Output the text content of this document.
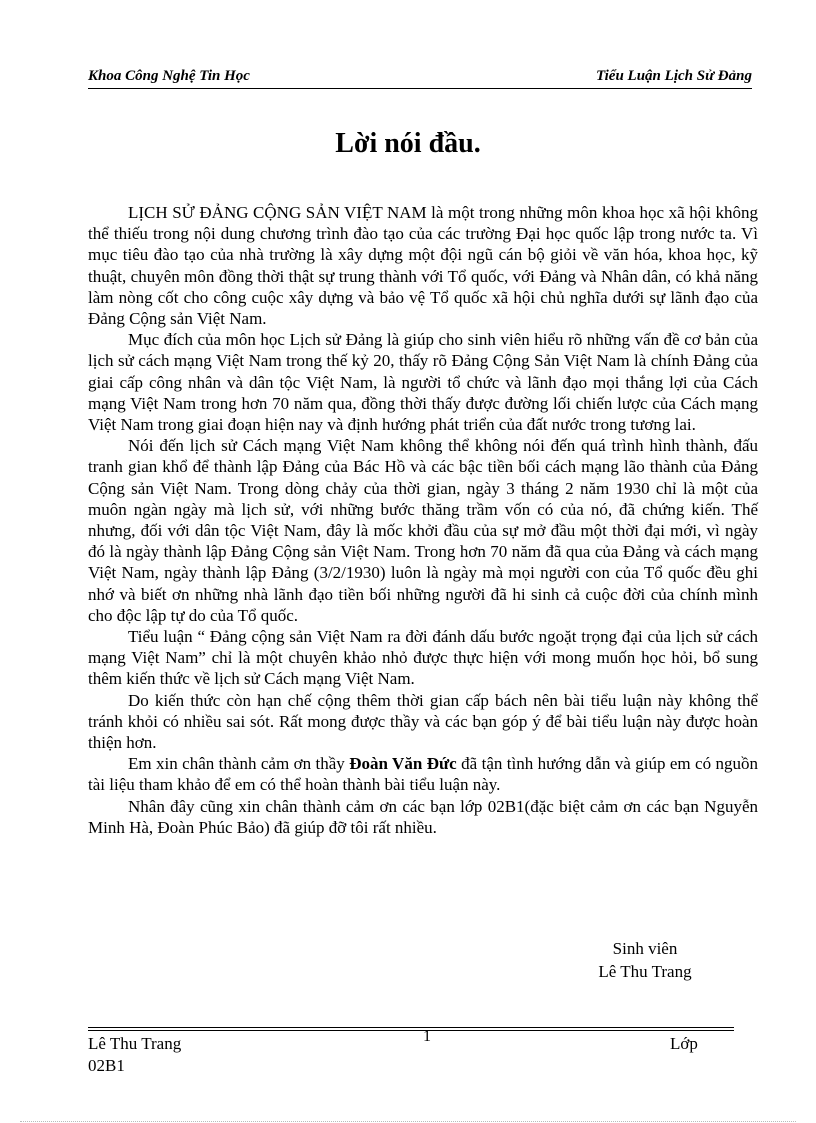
Khoa Công Nghệ Tin Học	Tiểu Luận Lịch Sử Đảng
Lời nói đầu.

LỊCH SỬ ĐẢNG CỘNG SẢN VIỆT NAM là một trong những môn khoa học xã hội không thể thiếu trong nội dung chương trình đào tạo của các trường Đại học quốc lập trong nước ta. Vì mục tiêu đào tạo của nhà trường là xây dựng một đội ngũ cán bộ giỏi về văn hóa, khoa học, kỹ thuật, chuyên môn đồng thời thật sự trung thành với Tổ quốc, với Đảng và Nhân dân, có khả năng làm nòng cốt cho công cuộc xây dựng và bảo vệ Tổ quốc xã hội chủ nghĩa dưới sự lãnh đạo của Đảng Cộng sản Việt Nam.

Mục đích của môn học Lịch sử Đảng là giúp cho sinh viên hiểu rõ những vấn đề cơ bản của lịch sử cách mạng Việt Nam trong thế kỷ 20, thấy rõ Đảng Cộng Sản Việt Nam là chính Đảng của giai cấp công nhân và dân tộc Việt Nam, là người tổ chức và lãnh đạo mọi thắng lợi của Cách mạng Việt Nam trong hơn 70 năm qua, đồng thời thấy được đường lối chiến lược của Cách mạng Việt Nam trong giai đoạn hiện nay và định hướng phát triển của đất nước trong tương lai.

Nói đến lịch sử Cách mạng Việt Nam không thể không nói đến quá trình hình thành, đấu tranh gian khổ để thành lập Đảng của Bác Hồ và các bậc tiền bối cách mạng lão thành của Đảng Cộng sản Việt Nam. Trong dòng chảy của thời gian, ngày 3 tháng 2 năm 1930 chỉ là một của muôn ngàn ngày mà lịch sử, với những bước thăng trầm vốn có của nó, đã chứng kiến. Thế nhưng, đối với dân tộc Việt Nam, đây là mốc khởi đầu của sự mở đầu một thời đại mới, vì ngày đó là ngày thành lập Đảng Cộng sản Việt Nam. Trong hơn 70 năm đã qua của Đảng và cách mạng Việt Nam, ngày thành lập Đảng (3/2/1930) luôn là ngày mà mọi người con của Tổ quốc đều ghi nhớ và biết ơn những nhà lãnh đạo tiền bối những người đã hi sinh cả cuộc đời của chính mình cho độc lập tự do của Tổ quốc.

Tiểu luận “ Đảng cộng sản Việt Nam ra đời đánh dấu bước ngoặt trọng đại của lịch sử cách mạng Việt Nam” chỉ là một chuyên khảo nhỏ được thực hiện với mong muốn học hỏi, bổ sung thêm kiến thức về lịch sử Cách mạng Việt Nam.

Do kiến thức còn hạn chế cộng thêm thời gian cấp bách nên bài tiểu luận này không thể tránh khỏi có nhiều sai sót. Rất mong được thầy và các bạn góp ý để bài tiểu luận này được hoàn thiện hơn.

Em xin chân thành cảm ơn thầy Đoàn Văn Đức đã tận tình hướng dẫn và giúp em có nguồn tài liệu tham khảo để em có thể hoàn thành bài tiểu luận này.

Nhân đây cũng xin chân thành cảm ơn các bạn lớp 02B1(đặc biệt cảm ơn các bạn Nguyễn Minh Hà, Đoàn Phúc Bảo) đã giúp đỡ tôi rất nhiều.

Sinh viên
Lê Thu Trang
Lê Thu Trang	1	Lớp
02B1
